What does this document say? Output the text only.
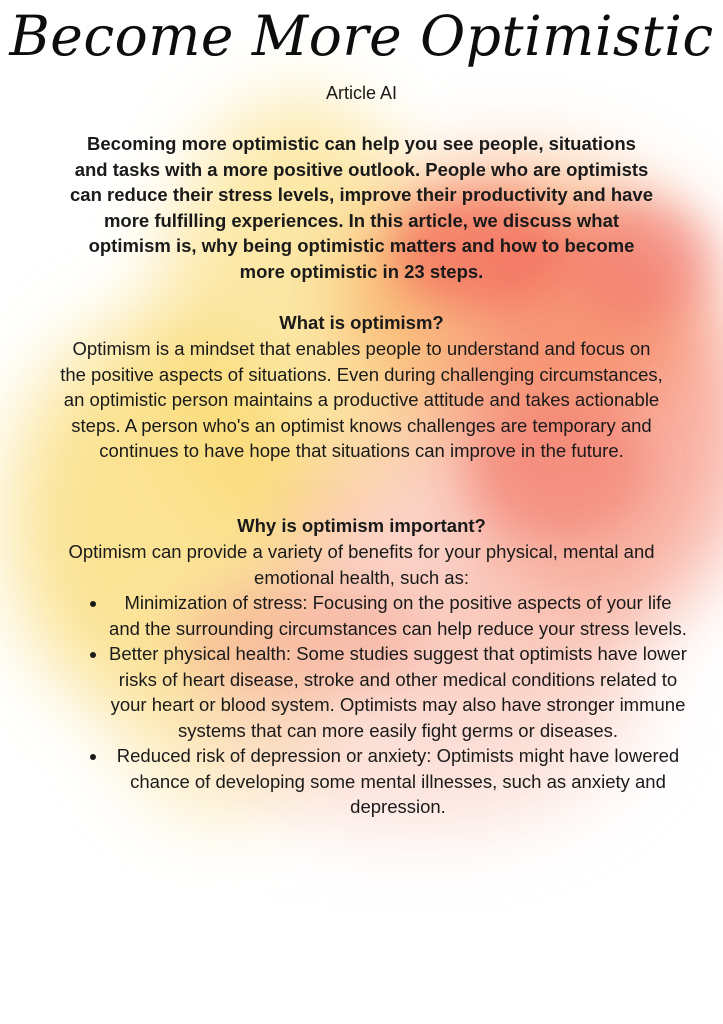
Become More Optimistic
Article AI
Becoming more optimistic can help you see people, situations and tasks with a more positive outlook. People who are optimists can reduce their stress levels, improve their productivity and have more fulfilling experiences. In this article, we discuss what optimism is, why being optimistic matters and how to become more optimistic in 23 steps.
What is optimism?
Optimism is a mindset that enables people to understand and focus on the positive aspects of situations. Even during challenging circumstances, an optimistic person maintains a productive attitude and takes actionable steps. A person who's an optimist knows challenges are temporary and continues to have hope that situations can improve in the future.
Why is optimism important?
Optimism can provide a variety of benefits for your physical, mental and emotional health, such as:
• Minimization of stress: Focusing on the positive aspects of your life and the surrounding circumstances can help reduce your stress levels.
• Better physical health: Some studies suggest that optimists have lower risks of heart disease, stroke and other medical conditions related to your heart or blood system. Optimists may also have stronger immune systems that can more easily fight germs or diseases.
• Reduced risk of depression or anxiety: Optimists might have lowered chance of developing some mental illnesses, such as anxiety and depression.
